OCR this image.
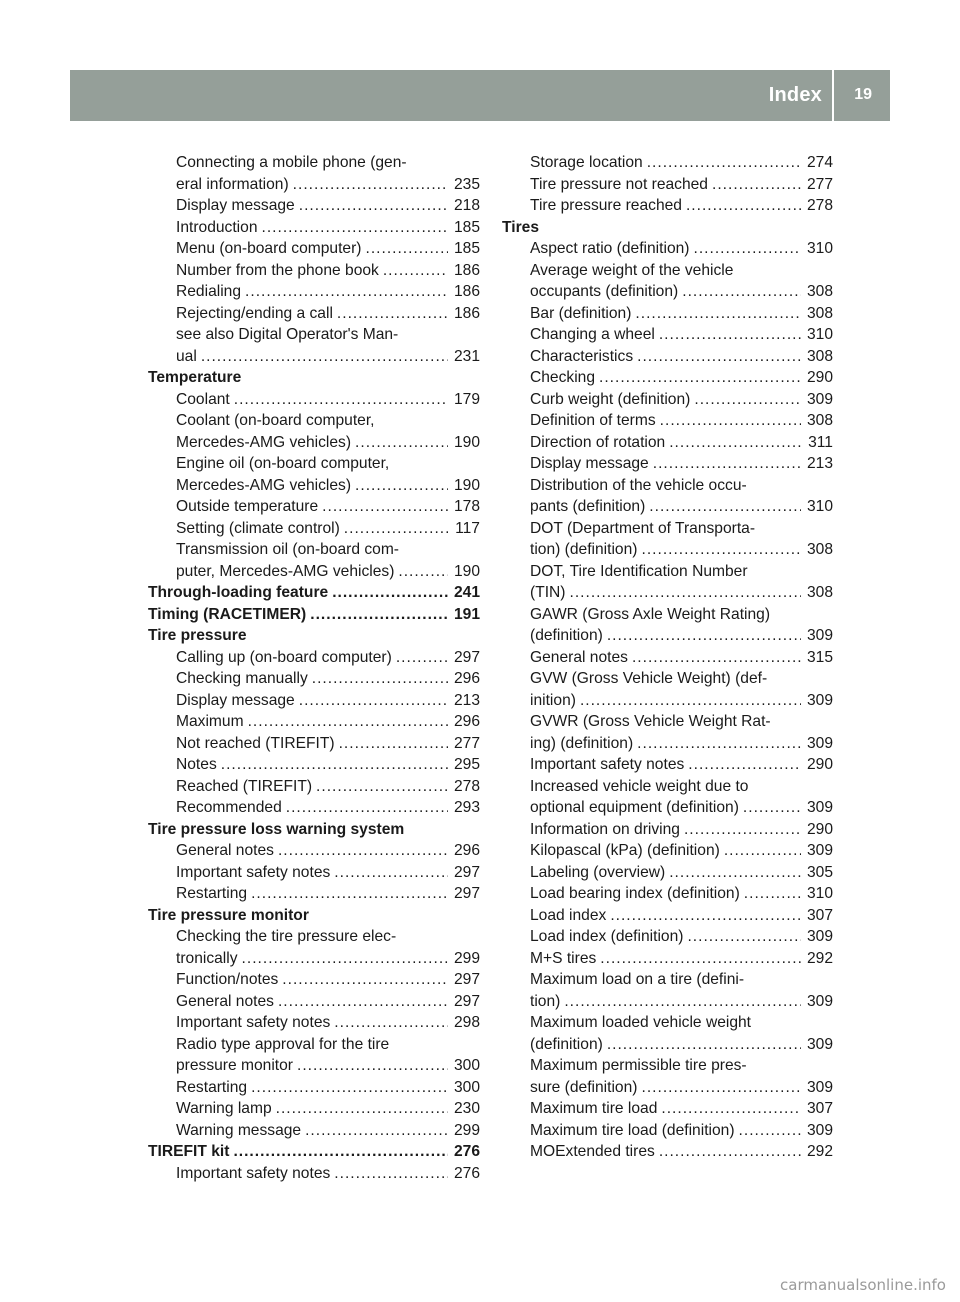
Index 19
Connecting a mobile phone (gen-
eral information) .....	235
Display message .....	218
Introduction .....	185
Menu (on-board computer) .....	185
Number from the phone book .....	186
Redialing .....	186
Rejecting/ending a call .....	186
see also Digital Operator's Man-
ual .....	231
Temperature
Coolant .....	179
Coolant (on-board computer,
Mercedes-AMG vehicles) .....	190
Engine oil (on-board computer,
Mercedes-AMG vehicles) .....	190
Outside temperature .....	178
Setting (climate control) .....	117
Transmission oil (on-board com-
puter, Mercedes-AMG vehicles) .....	190
Through-loading feature .....	241
Timing (RACETIMER) .....	191
Tire pressure
Calling up (on-board computer) .....	297
Checking manually .....	296
Display message .....	213
Maximum .....	296
Not reached (TIREFIT) .....	277
Notes .....	295
Reached (TIREFIT) .....	278
Recommended .....	293
Tire pressure loss warning system
General notes .....	296
Important safety notes .....	297
Restarting .....	297
Tire pressure monitor
Checking the tire pressure elec-
tronically .....	299
Function/notes .....	297
General notes .....	297
Important safety notes .....	298
Radio type approval for the tire
pressure monitor .....	300
Restarting .....	300
Warning lamp .....	230
Warning message .....	299
TIREFIT kit .....	276
Important safety notes .....	276
Storage location .....	274
Tire pressure not reached .....	277
Tire pressure reached .....	278
Tires
Aspect ratio (definition) .....	310
Average weight of the vehicle
occupants (definition) .....	308
Bar (definition) .....	308
Changing a wheel .....	310
Characteristics .....	308
Checking .....	290
Curb weight (definition) .....	309
Definition of terms .....	308
Direction of rotation .....	311
Display message .....	213
Distribution of the vehicle occu-
pants (definition) .....	310
DOT (Department of Transporta-
tion) (definition) .....	308
DOT, Tire Identification Number
(TIN) .....	308
GAWR (Gross Axle Weight Rating)
(definition) .....	309
General notes .....	315
GVW (Gross Vehicle Weight) (def-
inition) .....	309
GVWR (Gross Vehicle Weight Rat-
ing) (definition) .....	309
Important safety notes .....	290
Increased vehicle weight due to
optional equipment (definition) .....	309
Information on driving .....	290
Kilopascal (kPa) (definition) .....	309
Labeling (overview) .....	305
Load bearing index (definition) .....	310
Load index .....	307
Load index (definition) .....	309
M+S tires .....	292
Maximum load on a tire (defini-
tion) .....	309
Maximum loaded vehicle weight
(definition) .....	309
Maximum permissible tire pres-
sure (definition) .....	309
Maximum tire load .....	307
Maximum tire load (definition) .....	309
MOExtended tires .....	292
carmanualsonline.info
